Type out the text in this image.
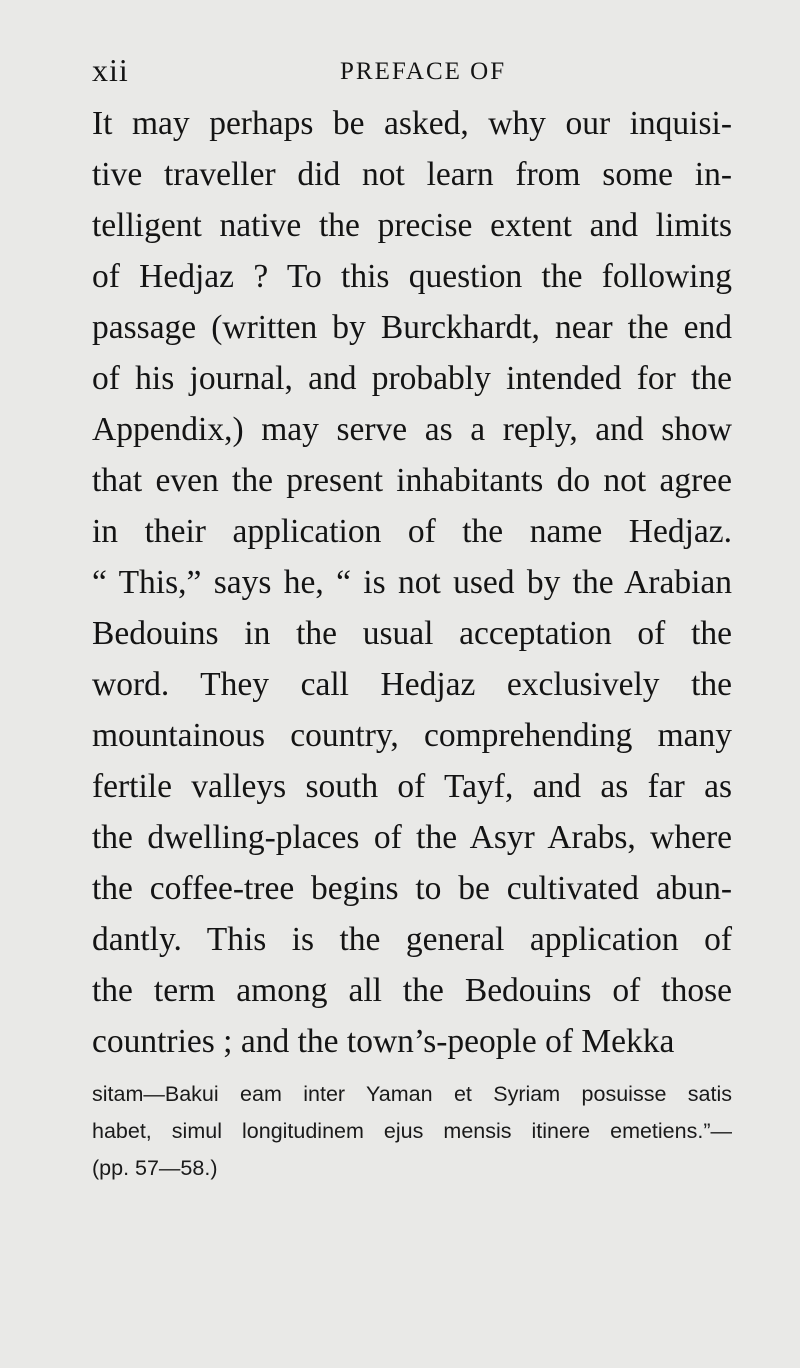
xii	PREFACE OF
It may perhaps be asked, why our inquisi-
tive traveller did not learn from some in-
telligent native the precise extent and limits
of Hedjaz ? To this question the following
passage (written by Burckhardt, near the end
of his journal, and probably intended for the
Appendix,) may serve as a reply, and show
that even the present inhabitants do not agree
in their application of the name Hedjaz.
“ This,” says he, “ is not used by the Arabian
Bedouins in the usual acceptation of the
word. They call Hedjaz exclusively the
mountainous country, comprehending many
fertile valleys south of Tayf, and as far as
the dwelling-places of the Asyr Arabs, where
the coffee-tree begins to be cultivated abun-
dantly. This is the general application of
the term among all the Bedouins of those
countries ; and the town’s-people of Mekka
sitam—Bakui eam inter Yaman et Syriam posuisse satis
habet, simul longitudinem ejus mensis itinere emetiens.”—
(pp. 57—58.)
